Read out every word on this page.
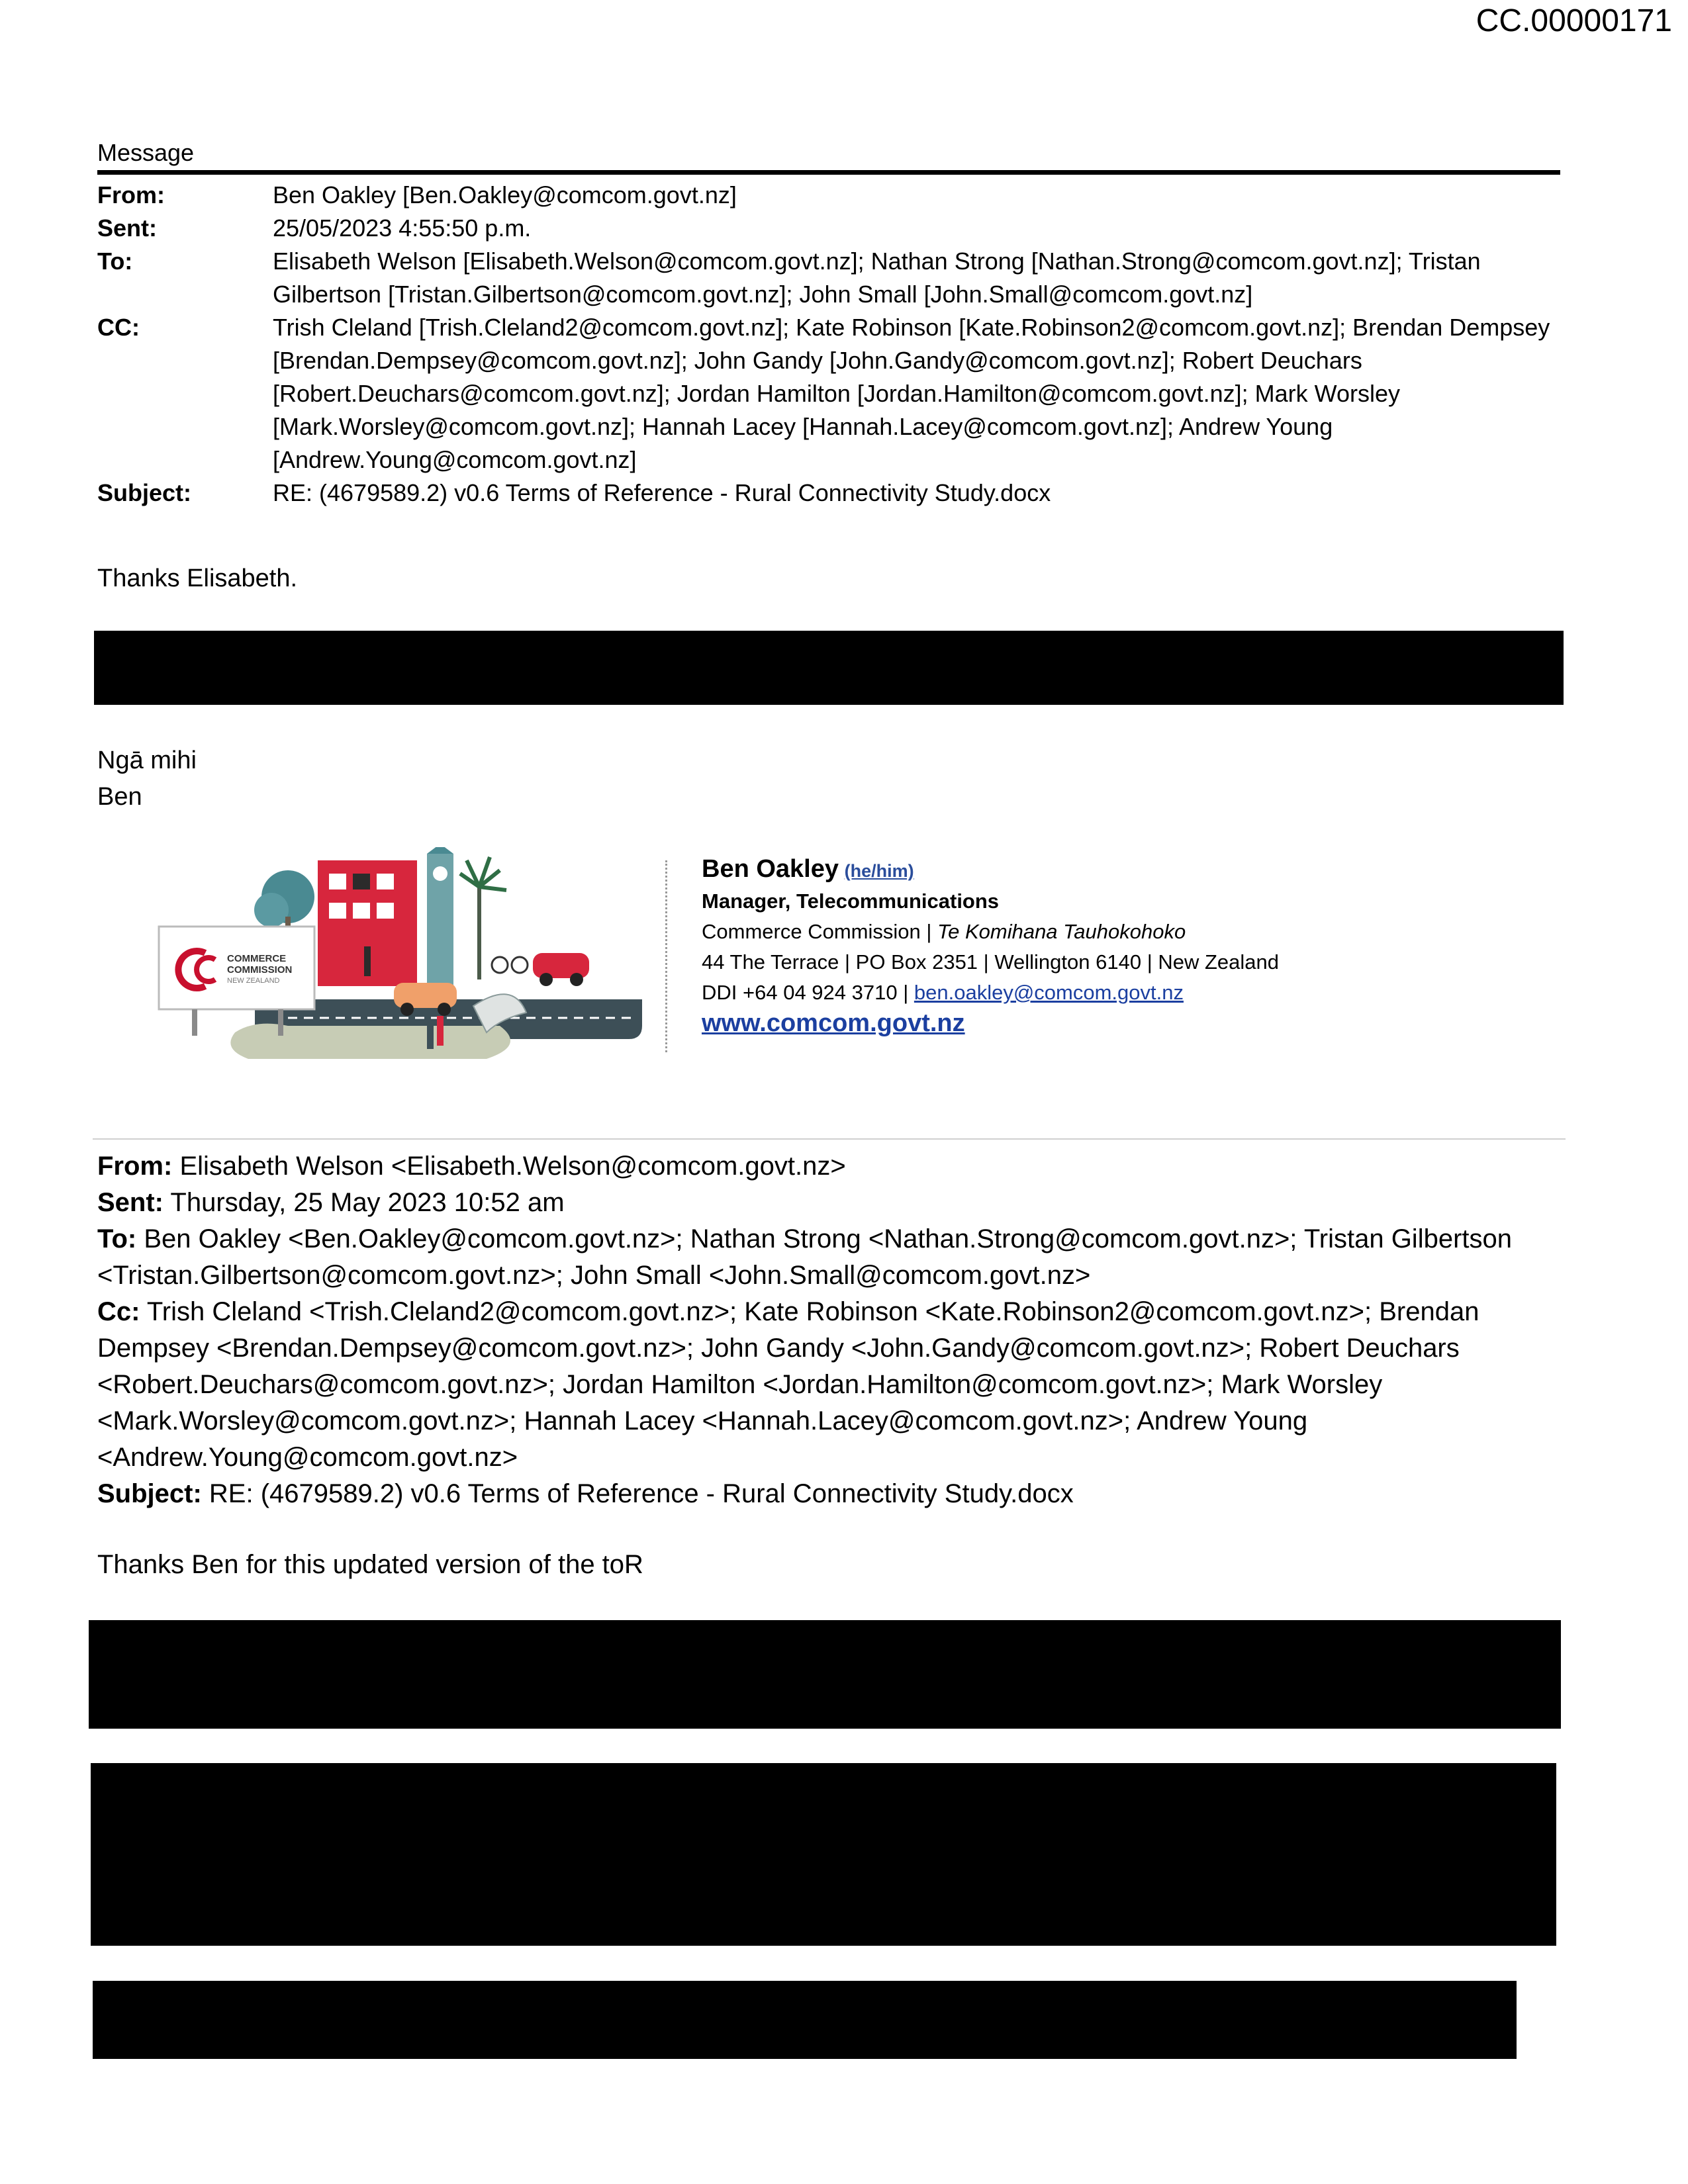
CC.00000171
Message
From:	Ben Oakley [Ben.Oakley@comcom.govt.nz]
Sent:	25/05/2023 4:55:50 p.m.
To:	Elisabeth Welson [Elisabeth.Welson@comcom.govt.nz]; Nathan Strong [Nathan.Strong@comcom.govt.nz]; Tristan Gilbertson [Tristan.Gilbertson@comcom.govt.nz]; John Small [John.Small@comcom.govt.nz]
CC:	Trish Cleland [Trish.Cleland2@comcom.govt.nz]; Kate Robinson [Kate.Robinson2@comcom.govt.nz]; Brendan Dempsey [Brendan.Dempsey@comcom.govt.nz]; John Gandy [John.Gandy@comcom.govt.nz]; Robert Deuchars [Robert.Deuchars@comcom.govt.nz]; Jordan Hamilton [Jordan.Hamilton@comcom.govt.nz]; Mark Worsley [Mark.Worsley@comcom.govt.nz]; Hannah Lacey [Hannah.Lacey@comcom.govt.nz]; Andrew Young [Andrew.Young@comcom.govt.nz]
Subject:	RE: (4679589.2) v0.6 Terms of Reference - Rural Connectivity Study.docx
Thanks Elisabeth.
Ngā mihi
Ben
COMMERCE
COMMISSION
NEW ZEALAND
Ben Oakley (he/him)
Manager, Telecommunications
Commerce Commission | Te Komihana Tauhokohoko
44 The Terrace | PO Box 2351 | Wellington 6140 | New Zealand
DDI +64 04 924 3710 | ben.oakley@comcom.govt.nz
www.comcom.govt.nz
From: Elisabeth Welson <Elisabeth.Welson@comcom.govt.nz>
Sent: Thursday, 25 May 2023 10:52 am
To: Ben Oakley <Ben.Oakley@comcom.govt.nz>; Nathan Strong <Nathan.Strong@comcom.govt.nz>; Tristan Gilbertson <Tristan.Gilbertson@comcom.govt.nz>; John Small <John.Small@comcom.govt.nz>
Cc: Trish Cleland <Trish.Cleland2@comcom.govt.nz>; Kate Robinson <Kate.Robinson2@comcom.govt.nz>; Brendan Dempsey <Brendan.Dempsey@comcom.govt.nz>; John Gandy <John.Gandy@comcom.govt.nz>; Robert Deuchars <Robert.Deuchars@comcom.govt.nz>; Jordan Hamilton <Jordan.Hamilton@comcom.govt.nz>; Mark Worsley <Mark.Worsley@comcom.govt.nz>; Hannah Lacey <Hannah.Lacey@comcom.govt.nz>; Andrew Young <Andrew.Young@comcom.govt.nz>
Subject: RE: (4679589.2) v0.6 Terms of Reference - Rural Connectivity Study.docx
Thanks Ben for this updated version of the toR
